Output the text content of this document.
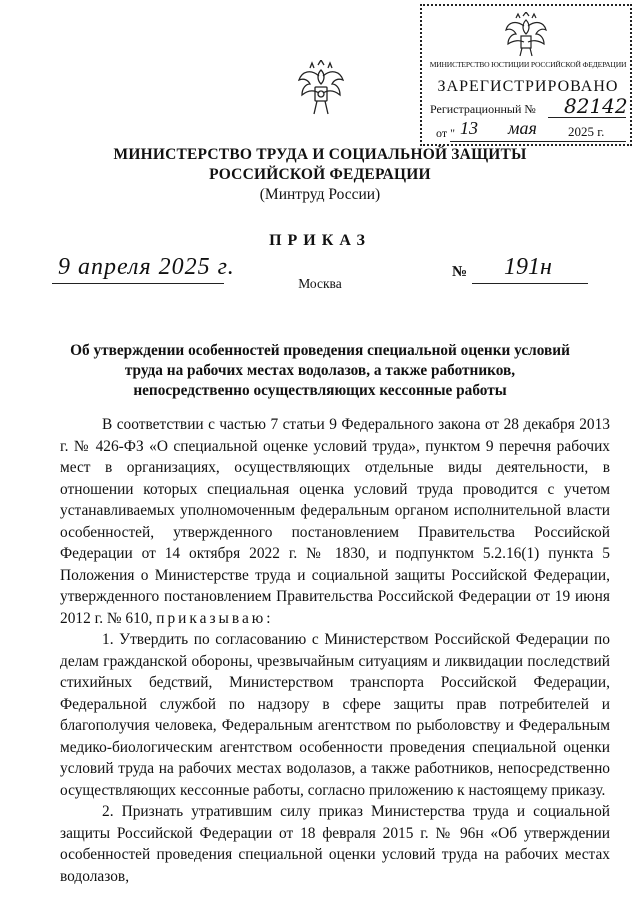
МИНИСТЕРСТВО ЮСТИЦИИ РОССИЙСКОЙ ФЕДЕРАЦИИ
ЗАРЕГИСТРИРОВАНО
Регистрационный № 82142
от " 13 мая 2025 г.
МИНИСТЕРСТВО ТРУДА И СОЦИАЛЬНОЙ ЗАЩИТЫ
РОССИЙСКОЙ ФЕДЕРАЦИИ
(Минтруд России)
ПРИКАЗ
9 апреля 2025 г.	№ 191н
Москва
Об утверждении особенностей проведения специальной оценки условий труда на рабочих местах водолазов, а также работников, непосредственно осуществляющих кессонные работы

В соответствии с частью 7 статьи 9 Федерального закона от 28 декабря 2013 г. № 426-ФЗ «О специальной оценке условий труда», пунктом 9 перечня рабочих мест в организациях, осуществляющих отдельные виды деятельности, в отношении которых специальная оценка условий труда проводится с учетом устанавливаемых уполномоченным федеральным органом исполнительной власти особенностей, утвержденного постановлением Правительства Российской Федерации от 14 октября 2022 г. № 1830, и подпунктом 5.2.16(1) пункта 5 Положения о Министерстве труда и социальной защиты Российской Федерации, утвержденного постановлением Правительства Российской Федерации от 19 июня 2012 г. № 610, приказываю:

1. Утвердить по согласованию с Министерством Российской Федерации по делам гражданской обороны, чрезвычайным ситуациям и ликвидации последствий стихийных бедствий, Министерством транспорта Российской Федерации, Федеральной службой по надзору в сфере защиты прав потребителей и благополучия человека, Федеральным агентством по рыболовству и Федеральным медико-биологическим агентством особенности проведения специальной оценки условий труда на рабочих местах водолазов, а также работников, непосредственно осуществляющих кессонные работы, согласно приложению к настоящему приказу.

2. Признать утратившим силу приказ Министерства труда и социальной защиты Российской Федерации от 18 февраля 2015 г. № 96н «Об утверждении особенностей проведения специальной оценки условий труда на рабочих местах водолазов,
